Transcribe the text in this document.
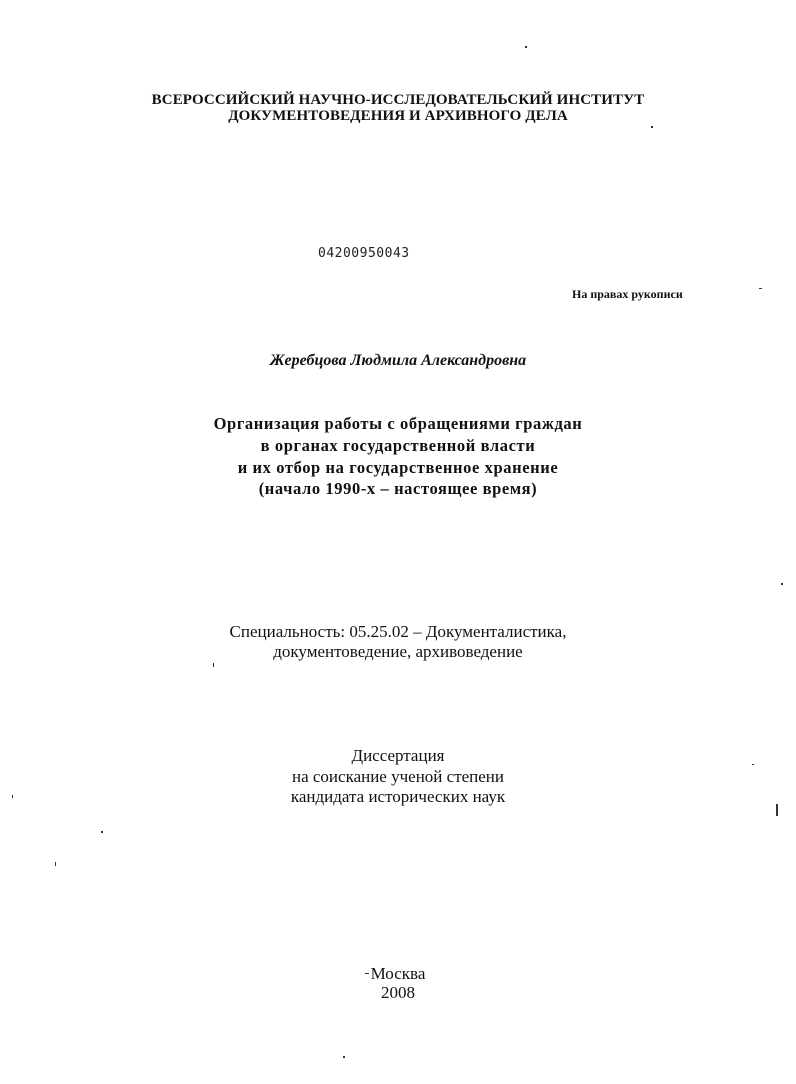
ВСЕРОССИЙСКИЙ НАУЧНО-ИССЛЕДОВАТЕЛЬСКИЙ ИНСТИТУТ
ДОКУМЕНТОВЕДЕНИЯ И АРХИВНОГО ДЕЛА
04200950043
На правах рукописи
Жеребцова Людмила Александровна
Организация работы с обращениями граждан
в органах государственной власти
и их отбор на государственное хранение
(начало 1990-х – настоящее время)
Специальность: 05.25.02 – Документалистика,
документоведение, архивоведение
Диссертация
на соискание ученой степени
кандидата исторических наук
Москва
2008
